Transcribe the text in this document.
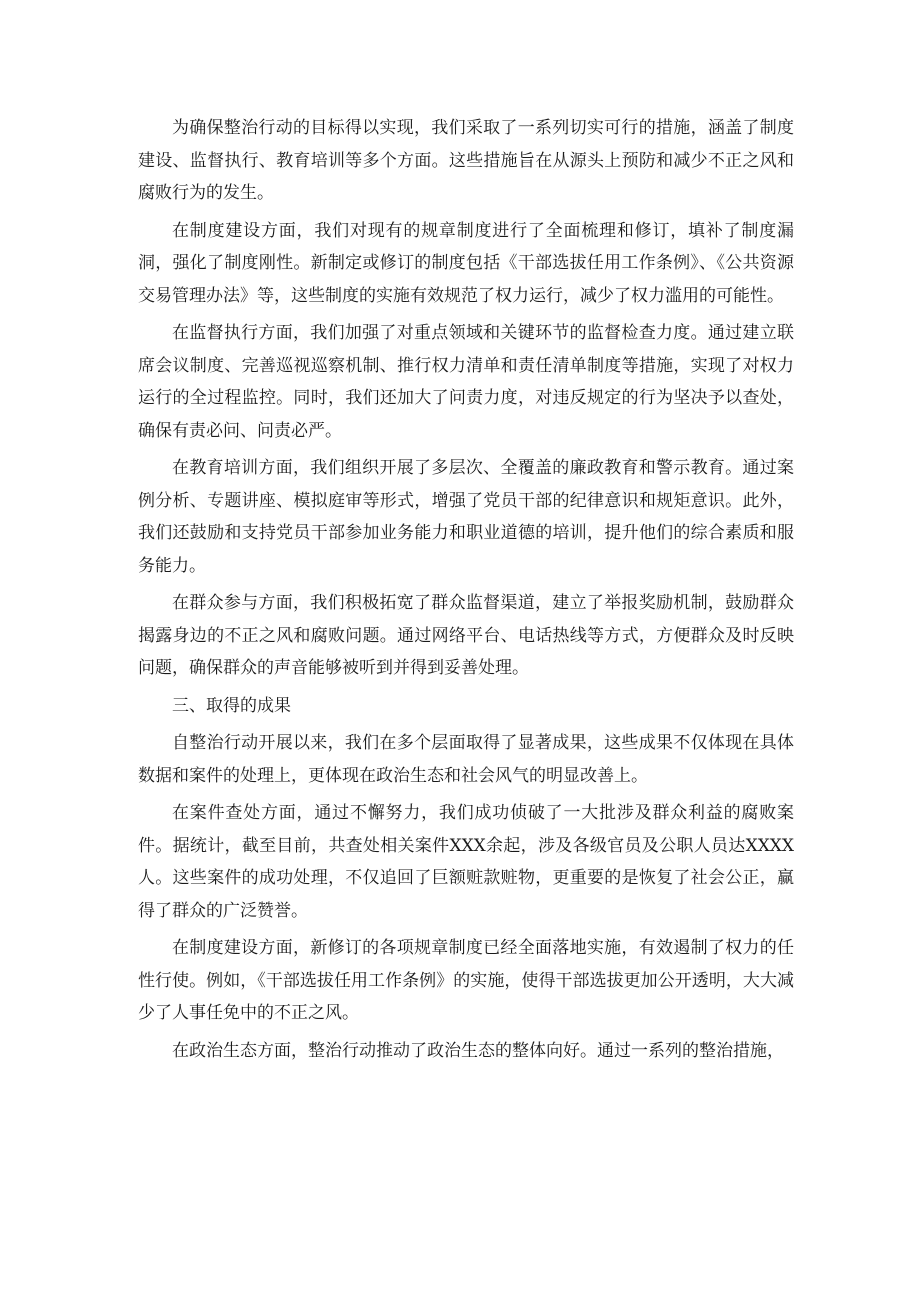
为确保整治行动的目标得以实现，我们采取了一系列切实可行的措施，涵盖了制度建设、监督执行、教育培训等多个方面。这些措施旨在从源头上预防和减少不正之风和腐败行为的发生。

在制度建设方面，我们对现有的规章制度进行了全面梳理和修订，填补了制度漏洞，强化了制度刚性。新制定或修订的制度包括《干部选拔任用工作条例》、《公共资源交易管理办法》等，这些制度的实施有效规范了权力运行，减少了权力滥用的可能性。

在监督执行方面，我们加强了对重点领域和关键环节的监督检查力度。通过建立联席会议制度、完善巡视巡察机制、推行权力清单和责任清单制度等措施，实现了对权力运行的全过程监控。同时，我们还加大了问责力度，对违反规定的行为坚决予以查处，确保有责必问、问责必严。

在教育培训方面，我们组织开展了多层次、全覆盖的廉政教育和警示教育。通过案例分析、专题讲座、模拟庭审等形式，增强了党员干部的纪律意识和规矩意识。此外，我们还鼓励和支持党员干部参加业务能力和职业道德的培训，提升他们的综合素质和服务能力。

在群众参与方面，我们积极拓宽了群众监督渠道，建立了举报奖励机制，鼓励群众揭露身边的不正之风和腐败问题。通过网络平台、电话热线等方式，方便群众及时反映问题，确保群众的声音能够被听到并得到妥善处理。

三、取得的成果

自整治行动开展以来，我们在多个层面取得了显著成果，这些成果不仅体现在具体数据和案件的处理上，更体现在政治生态和社会风气的明显改善上。

在案件查处方面，通过不懈努力，我们成功侦破了一大批涉及群众利益的腐败案件。据统计，截至目前，共查处相关案件XXX余起，涉及各级官员及公职人员达XXXX人。这些案件的成功处理，不仅追回了巨额赃款赃物，更重要的是恢复了社会公正，赢得了群众的广泛赞誉。

在制度建设方面，新修订的各项规章制度已经全面落地实施，有效遏制了权力的任性行使。例如，《干部选拔任用工作条例》的实施，使得干部选拔更加公开透明，大大减少了人事任免中的不正之风。

在政治生态方面，整治行动推动了政治生态的整体向好。通过一系列的整治措施，
